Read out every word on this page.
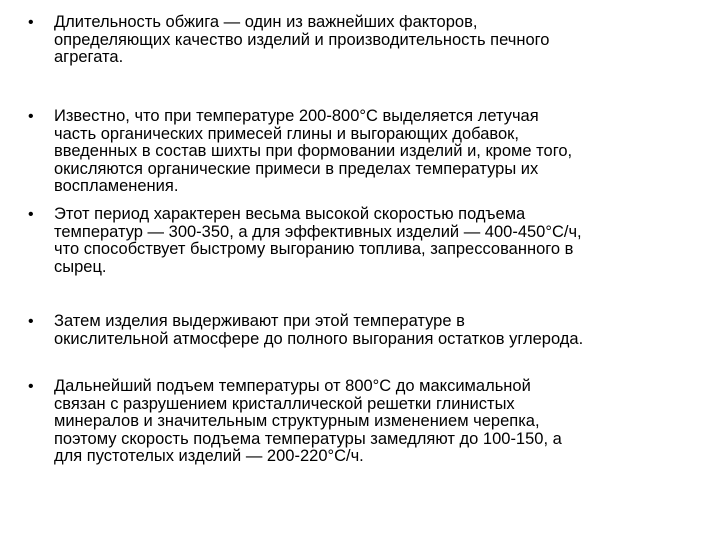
•	Длительность обжига — один из важнейших факторов,
определяющих качество изделий и производительность печного
агрегата.
•	Известно, что при температуре 200-800°С выделяется летучая
часть органических примесей глины и выгорающих добавок,
введенных в состав шихты при формовании изделий и, кроме того,
окисляются органические примеси в пределах температуры их
воспламенения.
•	Этот период характерен весьма высокой скоростью подъема
температур — 300-350, а для эффективных изделий — 400-450°С/ч,
что способствует быстрому выгоранию топлива, запрессованного в
сырец.
•	Затем изделия выдерживают при этой температуре в
окислительной атмосфере до полного выгорания остатков углерода.
•	Дальнейший подъем температуры от 800°С до максимальной
связан с разрушением кристаллической решетки глинистых
минералов и значительным структурным изменением черепка,
поэтому скорость подъема температуры замедляют до 100-150, а
для пустотелых изделий — 200-220°С/ч.
